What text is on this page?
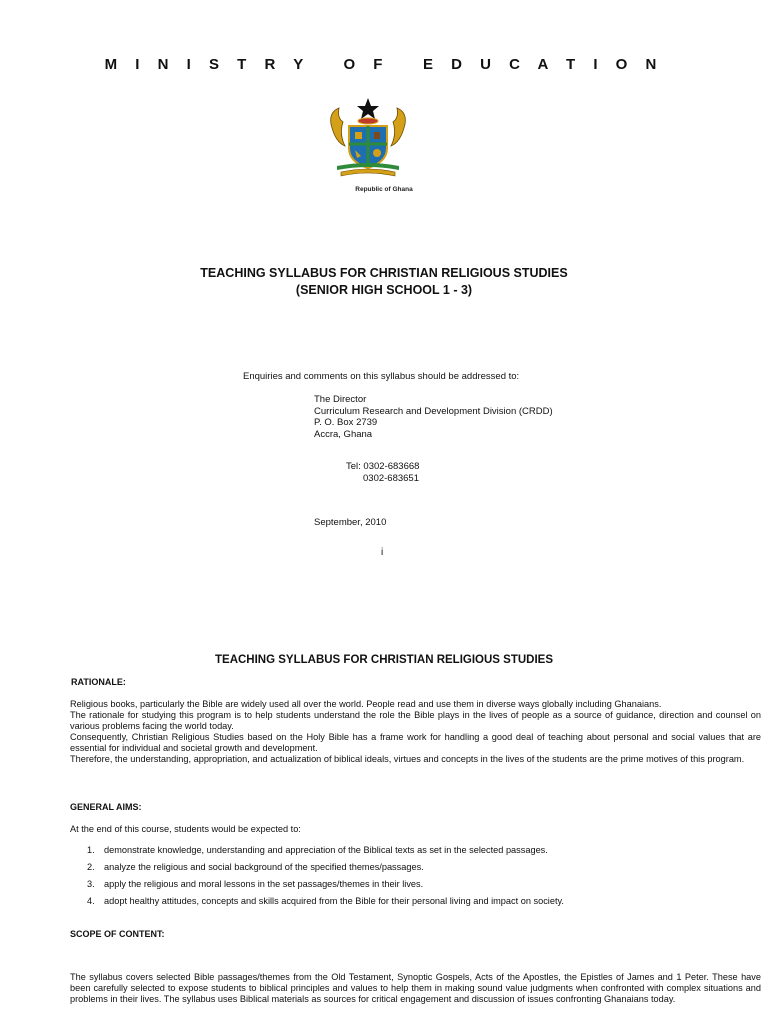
M I N I S T R Y   O F   E D U C A T I O N
Republic of Ghana
TEACHING SYLLABUS FOR CHRISTIAN RELIGIOUS STUDIES
(SENIOR HIGH SCHOOL 1 - 3)
Enquiries and comments on this syllabus should be addressed to:
The Director
Curriculum Research and Development Division (CRDD)
P. O. Box 2739
Accra, Ghana
Tel: 0302-683668
0302-683651
September, 2010
i
TEACHING SYLLABUS FOR CHRISTIAN RELIGIOUS STUDIES
RATIONALE:

Religious books, particularly the Bible are widely used all over the world. People read and use them in diverse ways globally including Ghanaians.

The rationale for studying this program is to help students understand the role the Bible plays in the lives of people as a source of guidance, direction and counsel on various problems facing the world today.

Consequently, Christian Religious Studies based on the Holy Bible has a frame work for handling a good deal of teaching about personal and social values that are essential for individual and societal growth and development.

Therefore, the understanding, appropriation, and actualization of biblical ideals, virtues and concepts in the lives of the students are the prime motives of this program.

GENERAL AIMS:
At the end of this course, students would be expected to:
1. demonstrate knowledge, understanding and appreciation of the Biblical texts as set in the selected passages.
2. analyze the religious and social background of the specified themes/passages.
3. apply the religious and moral lessons in the set passages/themes in their lives.
4. adopt healthy attitudes, concepts and skills acquired from the Bible for their personal living and impact on society.
SCOPE OF CONTENT:
The syllabus covers selected Bible passages/themes from the Old Testament, Synoptic Gospels, Acts of the Apostles, the Epistles of James and 1 Peter. These have been carefully selected to expose students to biblical principles and values to help them in making sound value judgments when confronted with complex situations and problems in their lives. The syllabus uses Biblical materials as sources for critical engagement and discussion of issues confronting Ghanaians today.
